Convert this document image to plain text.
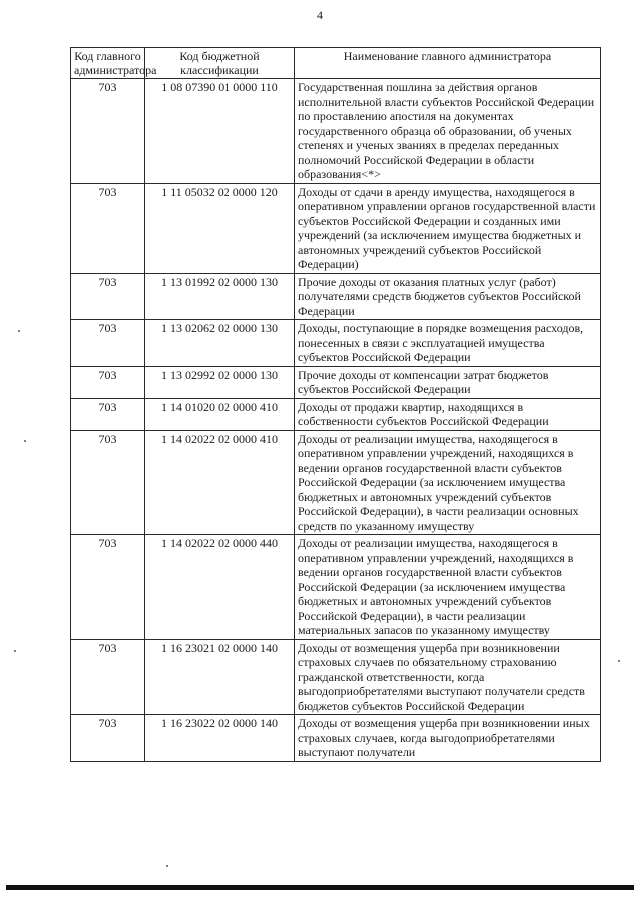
4
Код главного администратора	Код бюджетной классификации	Наименование главного администратора
703	1 08 07390 01 0000 110	Государственная пошлина за действия органов исполнительной власти субъектов Российской Федерации по проставлению апостиля на документах государственного образца об образовании, об ученых степенях и ученых званиях в пределах переданных полномочий Российской Федерации в области образования<*>
703	1 11 05032 02 0000 120	Доходы от сдачи в аренду имущества, находящегося в оперативном управлении органов государственной власти субъектов Российской Федерации и созданных ими учреждений (за исключением имущества бюджетных и автономных учреждений субъектов Российской Федерации)
703	1 13 01992 02 0000 130	Прочие доходы от оказания платных услуг (работ) получателями средств бюджетов субъектов Российской Федерации
703	1 13 02062 02 0000 130	Доходы, поступающие в порядке возмещения расходов, понесенных в связи с эксплуатацией имущества субъектов Российской Федерации
703	1 13 02992 02 0000 130	Прочие доходы от компенсации затрат бюджетов субъектов Российской Федерации
703	1 14 01020 02 0000 410	Доходы от продажи квартир, находящихся в собственности субъектов Российской Федерации
703	1 14 02022 02 0000 410	Доходы от реализации имущества, находящегося в оперативном управлении учреждений, находящихся в ведении органов государственной власти субъектов Российской Федерации (за исключением имущества бюджетных и автономных учреждений субъектов Российской Федерации), в части реализации основных средств по указанному имуществу
703	1 14 02022 02 0000 440	Доходы от реализации имущества, находящегося в оперативном управлении учреждений, находящихся в ведении органов государственной власти субъектов Российской Федерации (за исключением имущества бюджетных и автономных учреждений субъектов Российской Федерации), в части реализации материальных запасов по указанному имуществу
703	1 16 23021 02 0000 140	Доходы от возмещения ущерба при возникновении страховых случаев по обязательному страхованию гражданской ответственности, когда выгодоприобретателями выступают получатели средств бюджетов субъектов Российской Федерации
703	1 16 23022 02 0000 140	Доходы от возмещения ущерба при возникновении иных страховых случаев, когда выгодоприобретателями выступают получатели
